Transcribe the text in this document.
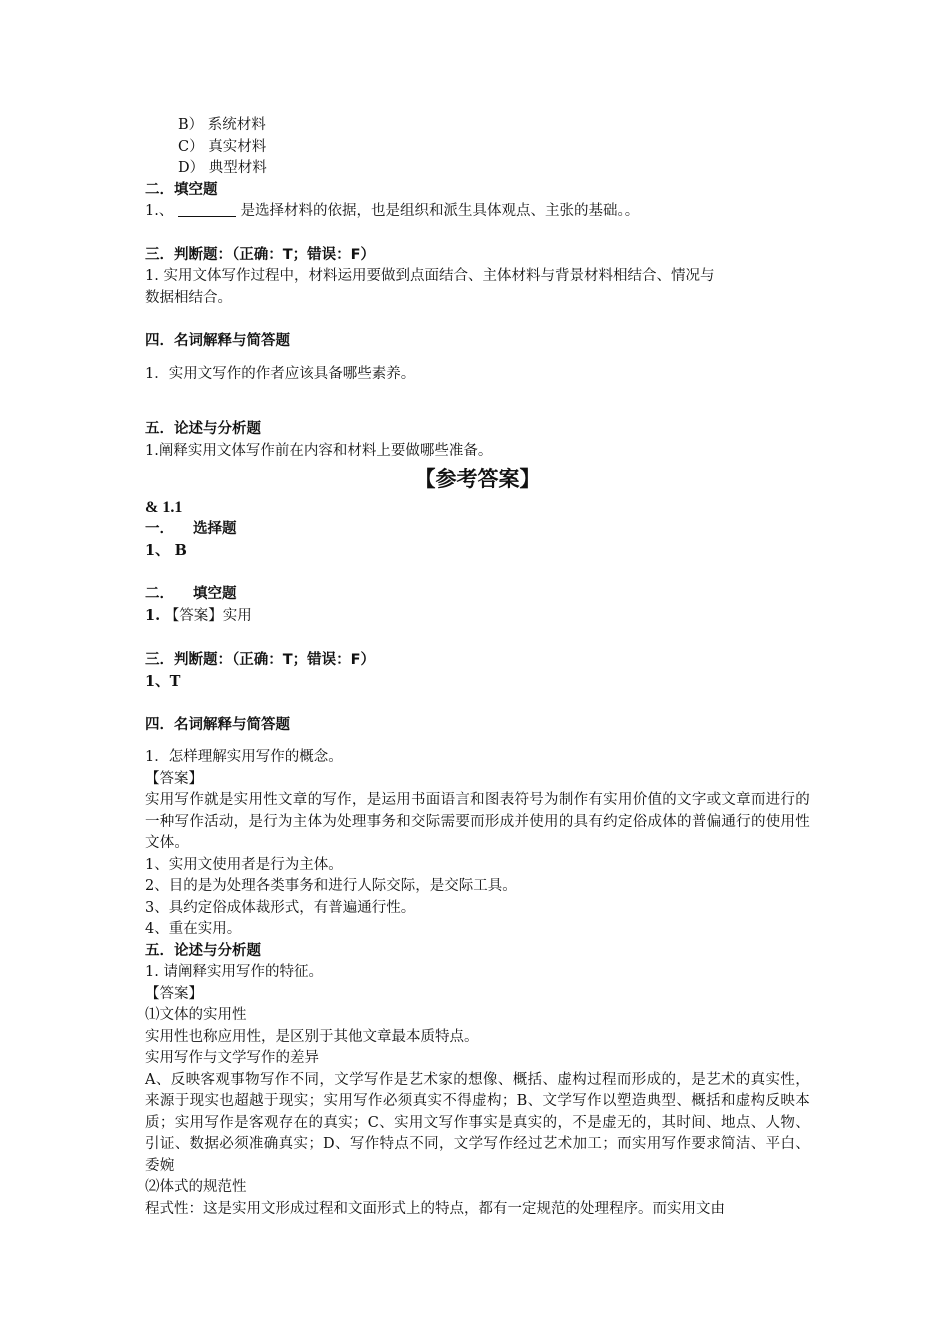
B） 系统材料
C） 真实材料
D） 典型材料
二．填空题
1.、	是选择材料的依据，也是组织和派生具体观点、主张的基础。。
三．判断题：（正确：T；错误：F）
1. 实用文体写作过程中，材料运用要做到点面结合、主体材料与背景材料相结合、情况与
数据相结合。
四．名词解释与简答题
1．实用文写作的作者应该具备哪些素养。
五．论述与分析题
1.阐释实用文体写作前在内容和材料上要做哪些准备。
【参考答案】
& 1.1
一． 选择题
1、 B
二． 填空题
1. 【答案】实用
三．判断题：（正确：T；错误：F）
1、T
四．名词解释与简答题
1．怎样理解实用写作的概念。
【答案】
实用写作就是实用性文章的写作，是运用书面语言和图表符号为制作有实用价值的文字或文章而进行的一种写作活动，是行为主体为处理事务和交际需要而形成并使用的具有约定俗成体的普偏通行的使用性文体。
1、实用文使用者是行为主体。
2、目的是为处理各类事务和进行人际交际，是交际工具。
3、具约定俗成体裁形式，有普遍通行性。
4、重在实用。
五．论述与分析题
1. 请阐释实用写作的特征。
【答案】
⑴文体的实用性
实用性也称应用性，是区别于其他文章最本质特点。
实用写作与文学写作的差异
A、反映客观事物写作不同，文学写作是艺术家的想像、概括、虚构过程而形成的，是艺术的真实性，来源于现实也超越于现实；实用写作必须真实不得虚构；B、文学写作以塑造典型、概括和虚构反映本质；实用写作是客观存在的真实；C、实用文写作事实是真实的，不是虚无的，其时间、地点、人物、引证、数据必须准确真实；D、写作特点不同，文学写作经过艺术加工；而实用写作要求简洁、平白、委婉
⑵体式的规范性
程式性：这是实用文形成过程和文面形式上的特点，都有一定规范的处理程序。而实用文由
